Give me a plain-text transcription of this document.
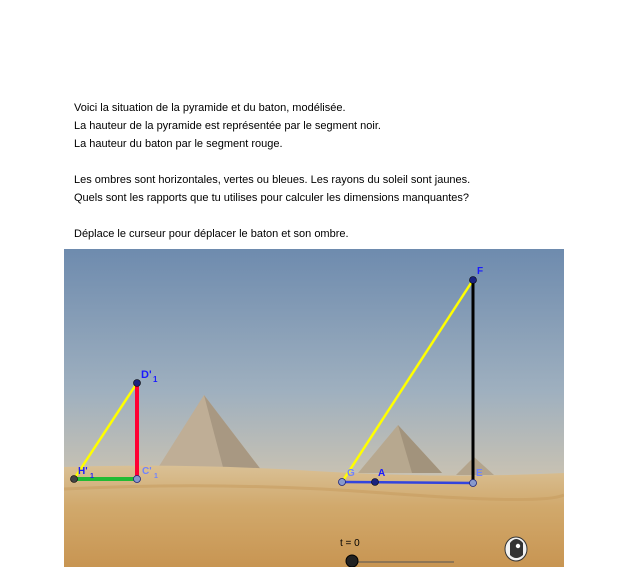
Voici la situation de la pyramide et du baton, modélisée.

La hauteur de la pyramide est représentée par le segment noir.

La hauteur du baton par le segment rouge.

Les ombres sont horizontales, vertes ou bleues. Les rayons du soleil sont jaunes.

Quels sont les rapports que tu utilises pour calculer les dimensions manquantes?

Déplace le curseur pour déplacer le baton et son ombre.

D' 1
H' 1	C' 1
F
G A	E
t = 0
